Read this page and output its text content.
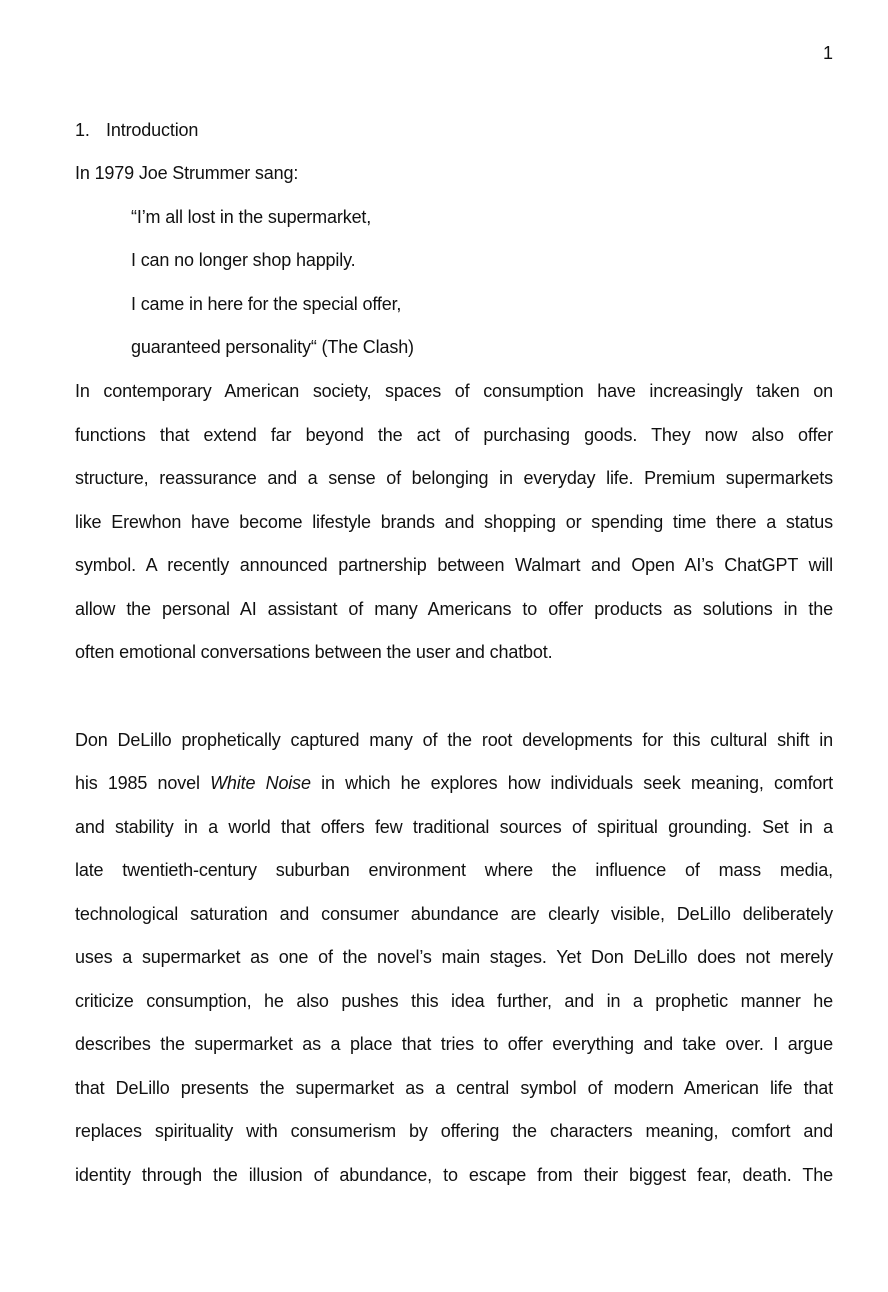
1
1. Introduction
In 1979 Joe Strummer sang:
“I’m all lost in the supermarket,
I can no longer shop happily.
I came in here for the special offer,
guaranteed personality“ (The Clash)
In contemporary American society, spaces of consumption have increasingly taken on
functions that extend far beyond the act of purchasing goods. They now also offer
structure, reassurance and a sense of belonging in everyday life. Premium supermarkets
like Erewhon have become lifestyle brands and shopping or spending time there a status
symbol. A recently announced partnership between Walmart and Open AI’s ChatGPT will
allow the personal AI assistant of many Americans to offer products as solutions in the
often emotional conversations between the user and chatbot.
Don DeLillo prophetically captured many of the root developments for this cultural shift in
his 1985 novel White Noise in which he explores how individuals seek meaning, comfort
and stability in a world that offers few traditional sources of spiritual grounding. Set in a
late twentieth-century suburban environment where the influence of mass media,
technological saturation and consumer abundance are clearly visible, DeLillo deliberately
uses a supermarket as one of the novel’s main stages. Yet Don DeLillo does not merely
criticize consumption, he also pushes this idea further, and in a prophetic manner he
describes the supermarket as a place that tries to offer everything and take over. I argue
that DeLillo presents the supermarket as a central symbol of modern American life that
replaces spirituality with consumerism by offering the characters meaning, comfort and
identity through the illusion of abundance, to escape from their biggest fear, death. The
